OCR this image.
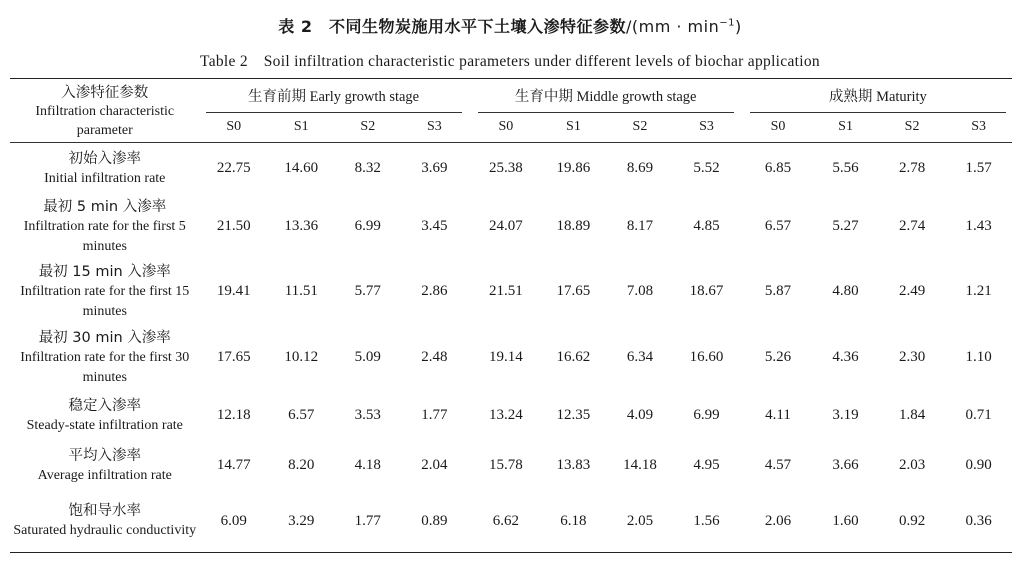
表 2　不同生物炭施用水平下土壤入渗特征参数$/(mm \cdot \min^{-1})$
Table 2　Soil infiltration characteristic parameters under different levels of biochar application
入渗特征参数
Infiltration characteristic parameter	生育前期 Early growth stage					生育中期 Middle growth stage					成熟期 Maturity			
	S0	S1	S2	S3		S0	S1	S2	S3		S0	S1	S2	S3

初始入渗率
Initial infiltration rate	22.75	14.60	8.32	3.69		25.38	19.86	8.69	5.52		6.85	5.56	2.78	1.57

最初 5 min 入渗率
Infiltration rate for the first 5 minutes	21.50	13.36	6.99	3.45		24.07	18.89	8.17	4.85		6.57	5.27	2.74	1.43

最初 15 min 入渗率
Infiltration rate for the first 15 minutes	19.41	11.51	5.77	2.86		21.51	17.65	7.08	18.67		5.87	4.80	2.49	1.21

最初 30 min 入渗率
Infiltration rate for the first 30 minutes	17.65	10.12	5.09	2.48		19.14	16.62	6.34	16.60		5.26	4.36	2.30	1.10

稳定入渗率
Steady-state infiltration rate	12.18	6.57	3.53	1.77		13.24	12.35	4.09	6.99		4.11	3.19	1.84	0.71

平均入渗率
Average infiltration rate	14.77	8.20	4.18	2.04		15.78	13.83	14.18	4.95		4.57	3.66	2.03	0.90

饱和导水率
Saturated hydraulic conductivity	6.09	3.29	1.77	0.89		6.62	6.18	2.05	1.56		2.06	1.60	0.92	0.36
